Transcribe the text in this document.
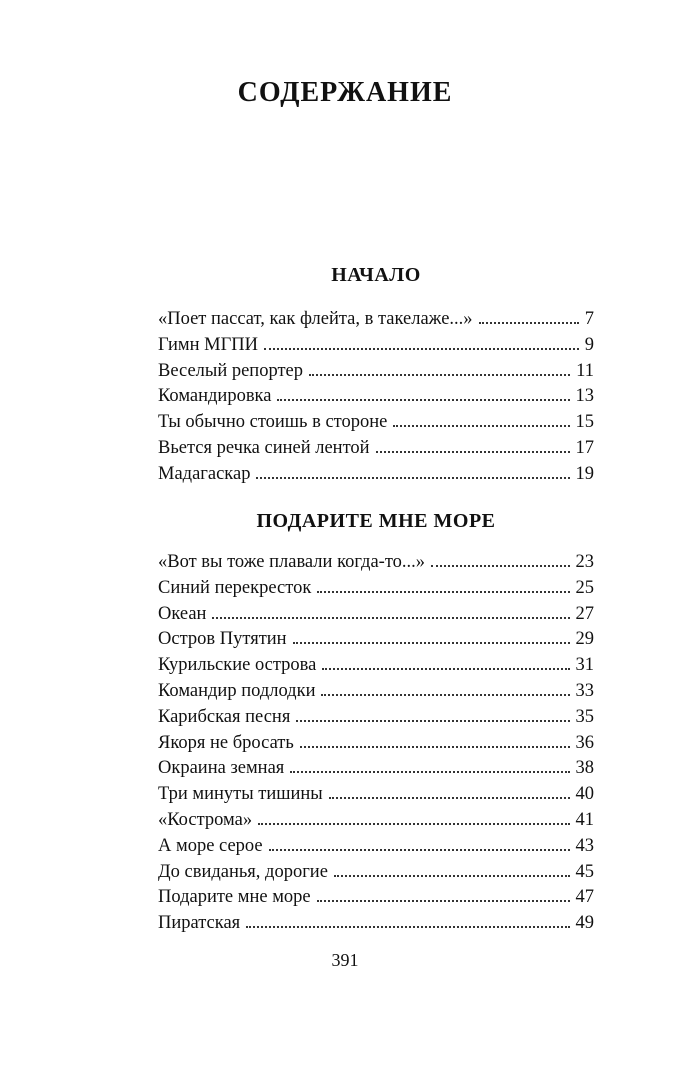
СОДЕРЖАНИЕ
НАЧАЛО
«Поет пассат, как флейта, в такелаже...»	7
Гимн МГПИ	9
Веселый репортер	11
Командировка	13
Ты обычно стоишь в стороне	15
Вьется речка синей лентой	17
Мадагаскар	19
ПОДАРИТЕ МНЕ МОРЕ
«Вот вы тоже плавали когда-то...»	23
Синий перекресток	25
Океан	27
Остров Путятин	29
Курильские острова	31
Командир подлодки	33
Карибская песня	35
Якоря не бросать	36
Окраина земная	38
Три минуты тишины	40
«Кострома»	41
А море серое	43
До свиданья, дорогие	45
Подарите мне море	47
Пиратская	49
391
